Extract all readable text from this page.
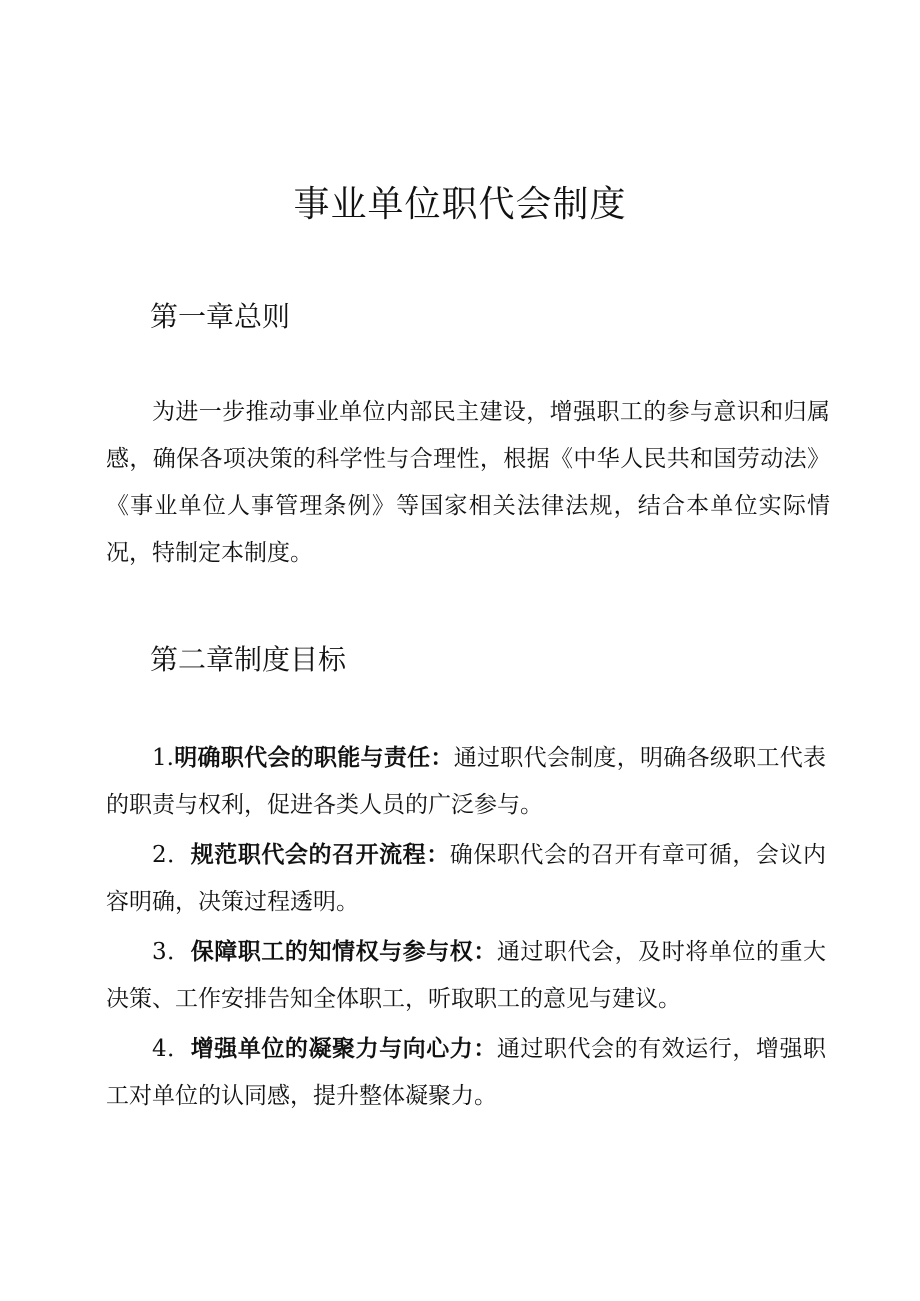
事业单位职代会制度
第一章总则

为进一步推动事业单位内部民主建设，增强职工的参与意识和归属感，确保各项决策的科学性与合理性，根据《中华人民共和国劳动法》《事业单位人事管理条例》等国家相关法律法规，结合本单位实际情况，特制定本制度。

第二章制度目标
1.明确职代会的职能与责任：通过职代会制度，明确各级职工代表的职责与权利，促进各类人员的广泛参与。
2．规范职代会的召开流程：确保职代会的召开有章可循，会议内容明确，决策过程透明。
3．保障职工的知情权与参与权：通过职代会，及时将单位的重大决策、工作安排告知全体职工，听取职工的意见与建议。
4．增强单位的凝聚力与向心力：通过职代会的有效运行，增强职工对单位的认同感，提升整体凝聚力。
